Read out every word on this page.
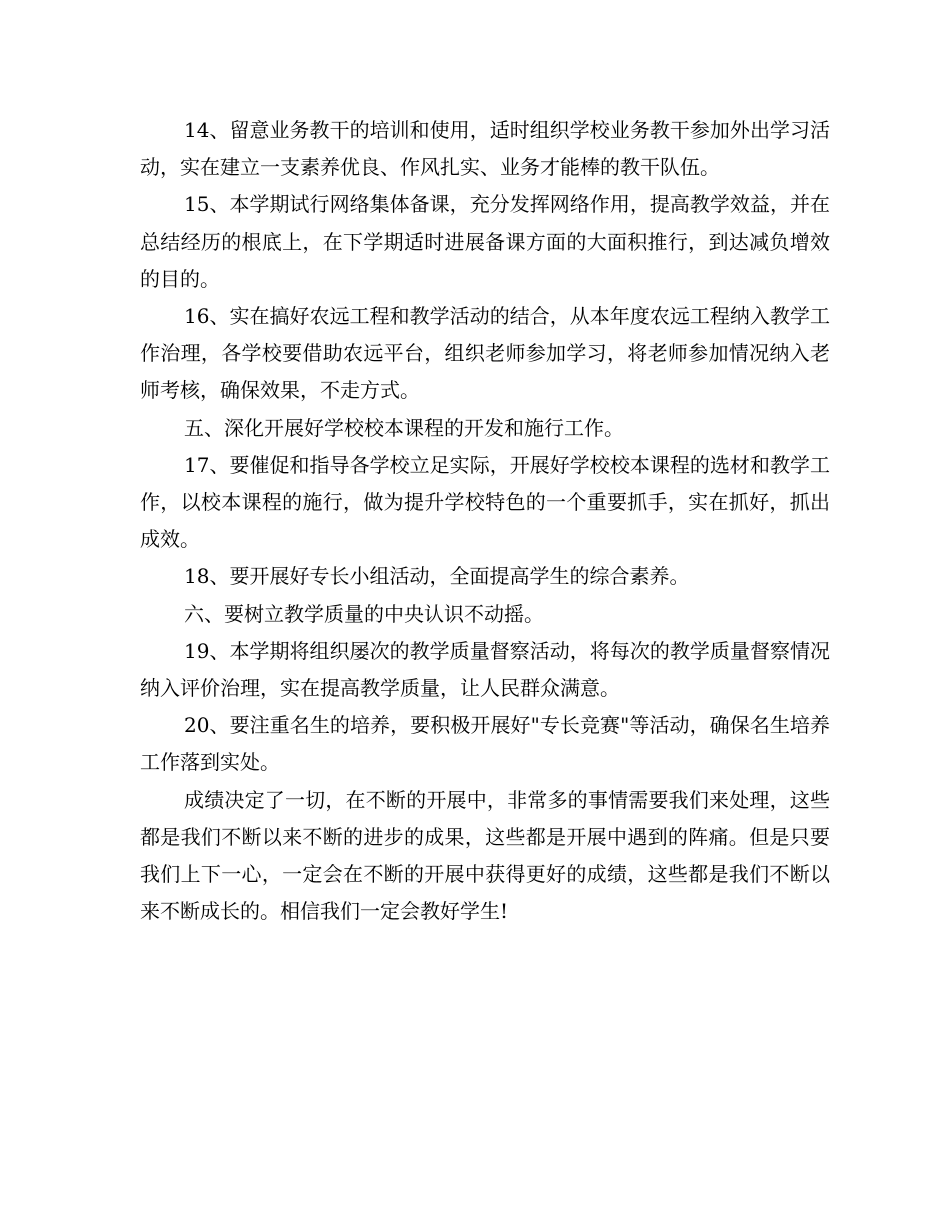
14、留意业务教干的培训和使用，适时组织学校业务教干参加外出学习活动，实在建立一支素养优良、作风扎实、业务才能棒的教干队伍。

15、本学期试行网络集体备课，充分发挥网络作用，提高教学效益，并在总结经历的根底上，在下学期适时进展备课方面的大面积推行，到达减负增效的目的。

16、实在搞好农远工程和教学活动的结合，从本年度农远工程纳入教学工作治理，各学校要借助农远平台，组织老师参加学习，将老师参加情况纳入老师考核，确保效果，不走方式。

五、深化开展好学校校本课程的开发和施行工作。

17、要催促和指导各学校立足实际，开展好学校校本课程的选材和教学工作，以校本课程的施行，做为提升学校特色的一个重要抓手，实在抓好，抓出成效。

18、要开展好专长小组活动，全面提高学生的综合素养。

六、要树立教学质量的中央认识不动摇。

19、本学期将组织屡次的教学质量督察活动，将每次的教学质量督察情况纳入评价治理，实在提高教学质量，让人民群众满意。

20、要注重名生的培养，要积极开展好"专长竞赛"等活动，确保名生培养工作落到实处。

成绩决定了一切，在不断的开展中，非常多的事情需要我们来处理，这些都是我们不断以来不断的进步的成果，这些都是开展中遇到的阵痛。但是只要我们上下一心，一定会在不断的开展中获得更好的成绩，这些都是我们不断以来不断成长的。相信我们一定会教好学生!
